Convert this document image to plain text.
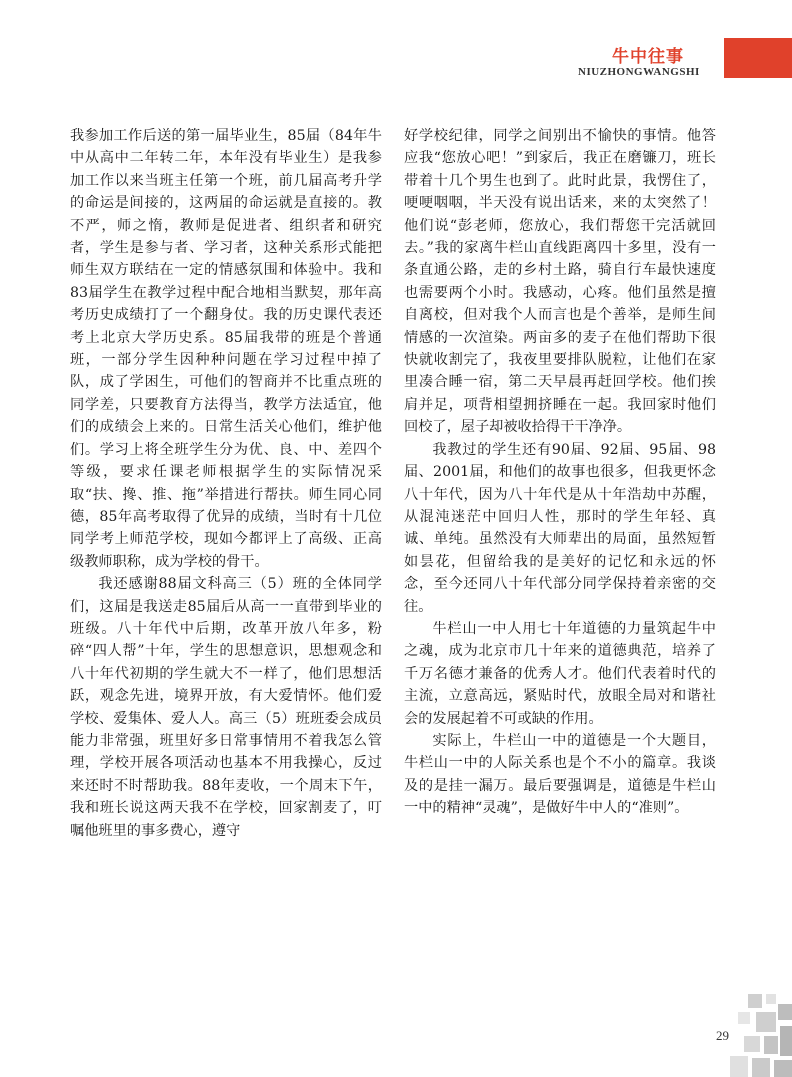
牛中往事
NIUZHONGWANGSHI

我参加工作后送的第一届毕业生，85届（84年牛中从高中二年转二年，本年没有毕业生）是我参加工作以来当班主任第一个班，前几届高考升学的命运是间接的，这两届的命运就是直接的。教不严，师之惰，教师是促进者、组织者和研究者，学生是参与者、学习者，这种关系形式能把师生双方联结在一定的情感氛围和体验中。我和83届学生在教学过程中配合地相当默契，那年高考历史成绩打了一个翻身仗。我的历史课代表还考上北京大学历史系。85届我带的班是个普通班，一部分学生因种种问题在学习过程中掉了队，成了学困生，可他们的智商并不比重点班的同学差，只要教育方法得当，教学方法适宜，他们的成绩会上来的。日常生活关心他们，维护他们。学习上将全班学生分为优、良、中、差四个等级，要求任课老师根据学生的实际情况采取“扶、搀、推、拖”举措进行帮扶。师生同心同德，85年高考取得了优异的成绩，当时有十几位同学考上师范学校，现如今都评上了高级、正高级教师职称，成为学校的骨干。

我还感谢88届文科高三（5）班的全体同学们，这届是我送走85届后从高一一直带到毕业的班级。八十年代中后期，改革开放八年多，粉碎“四人帮”十年，学生的思想意识，思想观念和八十年代初期的学生就大不一样了，他们思想活跃，观念先进，境界开放，有大爱情怀。他们爱学校、爱集体、爱人人。高三（5）班班委会成员能力非常强，班里好多日常事情用不着我怎么管理，学校开展各项活动也基本不用我操心，反过来还时不时帮助我。88年麦收，一个周末下午，我和班长说这两天我不在学校，回家割麦了，叮嘱他班里的事多费心，遵守

好学校纪律，同学之间别出不愉快的事情。他答应我“您放心吧！”到家后，我正在磨镰刀，班长带着十几个男生也到了。此时此景，我愣住了，哽哽咽咽，半天没有说出话来，来的太突然了！他们说“彭老师，您放心，我们帮您干完活就回去。”我的家离牛栏山直线距离四十多里，没有一条直通公路，走的乡村土路，骑自行车最快速度也需要两个小时。我感动，心疼。他们虽然是擅自离校，但对我个人而言也是个善举，是师生间情感的一次渲染。两亩多的麦子在他们帮助下很快就收割完了，我夜里要排队脱粒，让他们在家里凑合睡一宿，第二天早晨再赶回学校。他们挨肩并足，项背相望拥挤睡在一起。我回家时他们回校了，屋子却被收拾得干干净净。

我教过的学生还有90届、92届、95届、98届、2001届，和他们的故事也很多，但我更怀念八十年代，因为八十年代是从十年浩劫中苏醒，从混沌迷茫中回归人性，那时的学生年轻、真诚、单纯。虽然没有大师辈出的局面，虽然短暂如昙花，但留给我的是美好的记忆和永远的怀念，至今还同八十年代部分同学保持着亲密的交往。

牛栏山一中人用七十年道德的力量筑起牛中之魂，成为北京市几十年来的道德典范，培养了千万名德才兼备的优秀人才。他们代表着时代的主流，立意高远，紧贴时代，放眼全局对和谐社会的发展起着不可或缺的作用。

实际上，牛栏山一中的道德是一个大题目，牛栏山一中的人际关系也是个不小的篇章。我谈及的是挂一漏万。最后要强调是，道德是牛栏山一中的精神“灵魂”，是做好牛中人的“准则”。

29
